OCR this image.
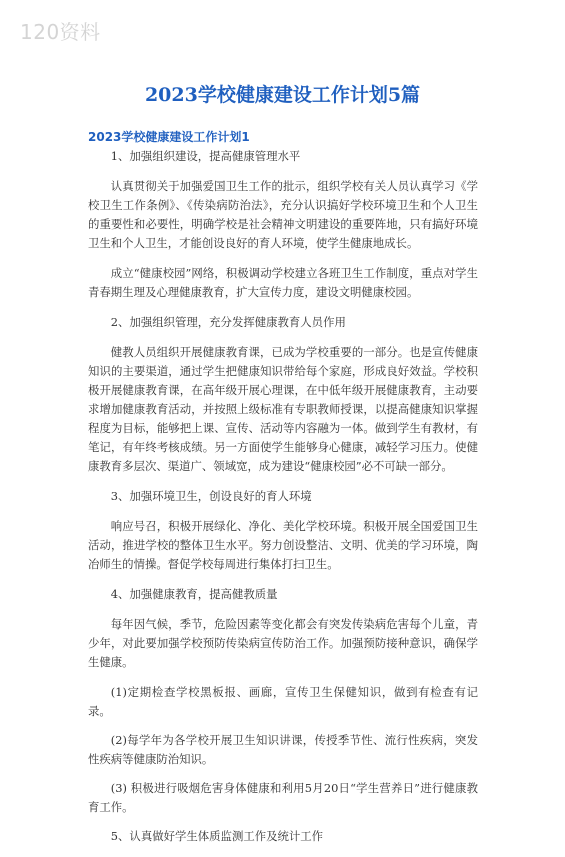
120资料
2023学校健康建设工作计划5篇
2023学校健康建设工作计划1

1、加强组织建设，提高健康管理水平

认真贯彻关于加强爱国卫生工作的批示，组织学校有关人员认真学习《学校卫生工作条例》、《传染病防治法》，充分认识搞好学校环境卫生和个人卫生的重要性和必要性，明确学校是社会精神文明建设的重要阵地，只有搞好环境卫生和个人卫生，才能创设良好的育人环境，使学生健康地成长。

成立“健康校园”网络，积极调动学校建立各班卫生工作制度，重点对学生青春期生理及心理健康教育，扩大宣传力度，建设文明健康校园。

2、加强组织管理，充分发挥健康教育人员作用

健教人员组织开展健康教育课，已成为学校重要的一部分。也是宣传健康知识的主要渠道，通过学生把健康知识带给每个家庭，形成良好效益。学校积极开展健康教育课，在高年级开展心理课，在中低年级开展健康教育，主动要求增加健康教育活动，并按照上级标准有专职教师授课，以提高健康知识掌握程度为目标，能够把上课、宣传、活动等内容融为一体。做到学生有教材，有笔记，有年终考核成绩。另一方面使学生能够身心健康，减轻学习压力。使健康教育多层次、渠道广、领域宽，成为建设“健康校园”必不可缺一部分。

3、加强环境卫生，创设良好的育人环境

响应号召，积极开展绿化、净化、美化学校环境。积极开展全国爱国卫生活动，推进学校的整体卫生水平。努力创设整洁、文明、优美的学习环境，陶冶师生的情操。督促学校每周进行集体打扫卫生。

4、加强健康教育，提高健教质量

每年因气候，季节，危险因素等变化都会有突发传染病危害每个儿童，青少年，对此要加强学校预防传染病宣传防治工作。加强预防接种意识，确保学生健康。

(1)定期检查学校黑板报、画廊，宣传卫生保健知识，做到有检查有记录。

(2)每学年为各学校开展卫生知识讲课，传授季节性、流行性疾病，突发性疾病等健康防治知识。

(3) 积极进行吸烟危害身体健康和利用5月20日“学生营养日”进行健康教育工作。

5、认真做好学生体质监测工作及统计工作
